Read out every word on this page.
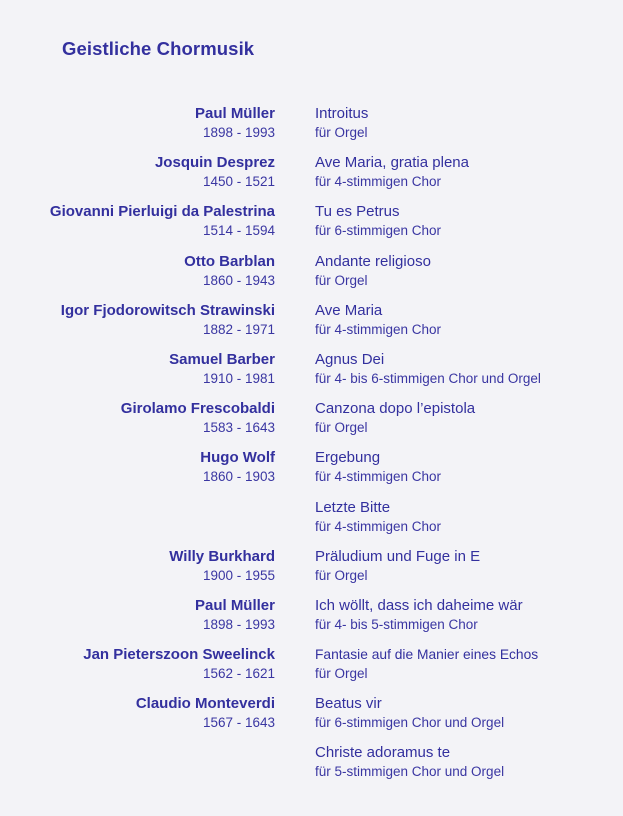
Geistliche Chormusik
Paul Müller
1898 - 1993
Introitus
für Orgel
Josquin Desprez
1450 - 1521
Ave Maria, gratia plena
für 4-stimmigen Chor
Giovanni Pierluigi da Palestrina
1514 - 1594
Tu es Petrus
für 6-stimmigen Chor
Otto Barblan
1860 - 1943
Andante religioso
für Orgel
Igor Fjodorowitsch Strawinski
1882 - 1971
Ave Maria
für 4-stimmigen Chor
Samuel Barber
1910 - 1981
Agnus Dei
für 4- bis 6-stimmigen Chor und Orgel
Girolamo Frescobaldi
1583 - 1643
Canzona dopo l’epistola
für Orgel
Hugo Wolf
1860 - 1903
Ergebung
für 4-stimmigen Chor
Letzte Bitte
für 4-stimmigen Chor
Willy Burkhard
1900 - 1955
Präludium und Fuge in E
für Orgel
Paul Müller
1898 - 1993
Ich wöllt, dass ich daheime wär
für 4- bis 5-stimmigen Chor
Jan Pieterszoon Sweelinck
1562 - 1621
Fantasie auf die Manier eines Echos
für Orgel
Claudio Monteverdi
1567 - 1643
Beatus vir
für 6-stimmigen Chor und Orgel
Christe adoramus te
für 5-stimmigen Chor und Orgel
